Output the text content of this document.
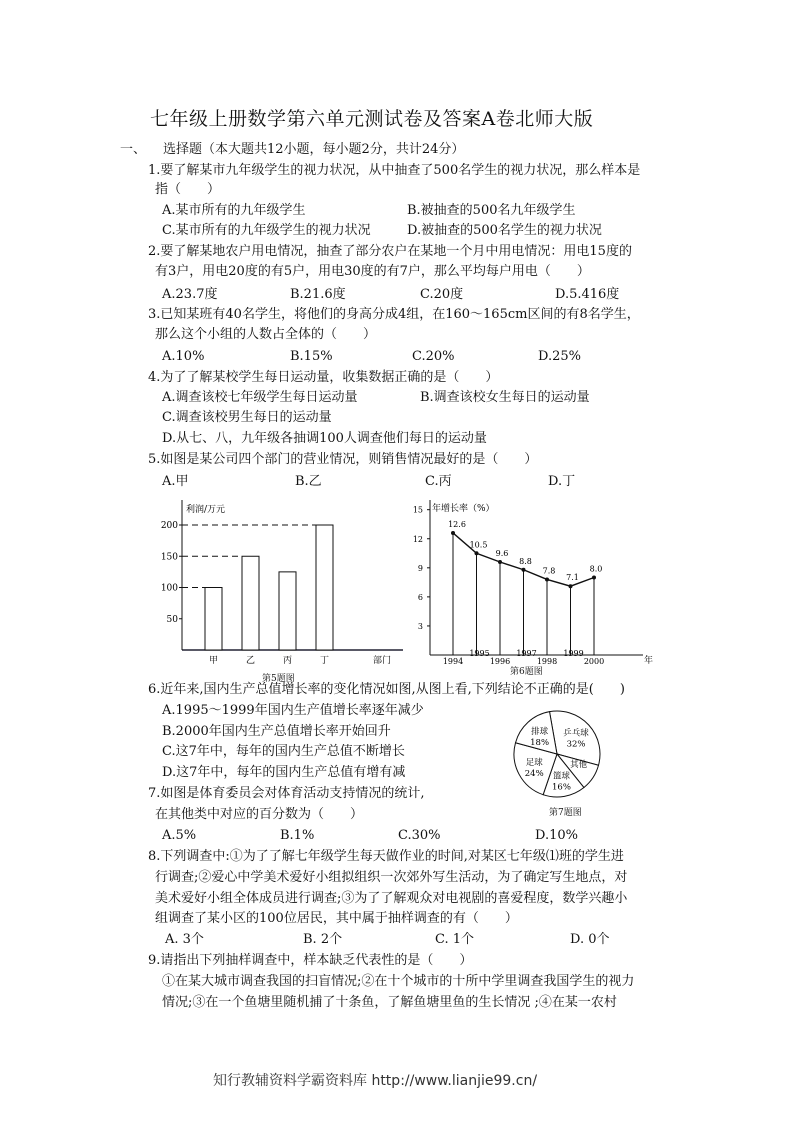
七年级上册数学第六单元测试卷及答案A卷北师大版
一、 选择题（本大题共12小题，每小题2分，共计24分）
1.要了解某市九年级学生的视力状况，从中抽查了500名学生的视力状况，那么样本是
指（　　）
A.某市所有的九年级学生	B.被抽查的500名九年级学生
C.某市所有的九年级学生的视力状况	D.被抽查的500名学生的视力状况
2.要了解某地农户用电情况，抽查了部分农户在某地一个月中用电情况：用电15度的
有3户，用电20度的有5户，用电30度的有7户，那么平均每户用电（　　）
A.23.7度	B.21.6度	C.20度	D.5.416度
3.已知某班有40名学生，将他们的身高分成4组，在160～165cm区间的有8名学生，
那么这个小组的人数占全体的（　　）
A.10%	B.15%	C.20%	D.25%
4.为了了解某校学生每日运动量，收集数据正确的是（　　）
A.调查该校七年级学生每日运动量	B.调查该校女生每日的运动量
C.调查该校男生每日的运动量
D.从七、八，九年级各抽调100人调查他们每日的运动量
5.如图是某公司四个部门的营业情况，则销售情况最好的是（　　）
A.甲	B.乙	C.丙	D.丁
利润/万元
部门
50
100
150
200
甲	乙	丙	丁
第5题图
年增长率（%）
年
3
6
9
12
15
12.6
1994
10.5
1995
9.6
1996
8.8
1997
7.8
1998
7.1
1999
8.0
2000
第6题图
6.近年来,国内生产总值增长率的变化情况如图,从图上看,下列结论不正确的是(　　)
A.1995～1999年国内生产值增长率逐年减少
B.2000年国内生产总值增长率开始回升
C.这7年中，每年的国内生产总值不断增长
D.这7年中，每年的国内生产总值有增有减
乒乓球
32%
其他
篮球
16%
足球
24%
排球
18%
第7题图
7.如图是体育委员会对体育活动支持情况的统计,
在其他类中对应的百分数为（　　）
A.5%	B.1%	C.30%	D.10%
8.下列调查中:①为了了解七年级学生每天做作业的时间,对某区七年级⑴班的学生进
行调查;②爱心中学美术爱好小组拟组织一次郊外写生活动，为了确定写生地点，对
美术爱好小组全体成员进行调查;③为了了解观众对电视剧的喜爱程度，数学兴趣小
组调查了某小区的100位居民，其中属于抽样调查的有（　　）
A. 3个	B. 2个	C. 1个	D. 0个
9.请指出下列抽样调查中，样本缺乏代表性的是（　　）
①在某大城市调查我国的扫盲情况;②在十个城市的十所中学里调查我国学生的视力
情况;③在一个鱼塘里随机捕了十条鱼，了解鱼塘里鱼的生长情况 ;④在某一农村
知行教辅资料学霸资料库 http://www.lianjie99.cn/
